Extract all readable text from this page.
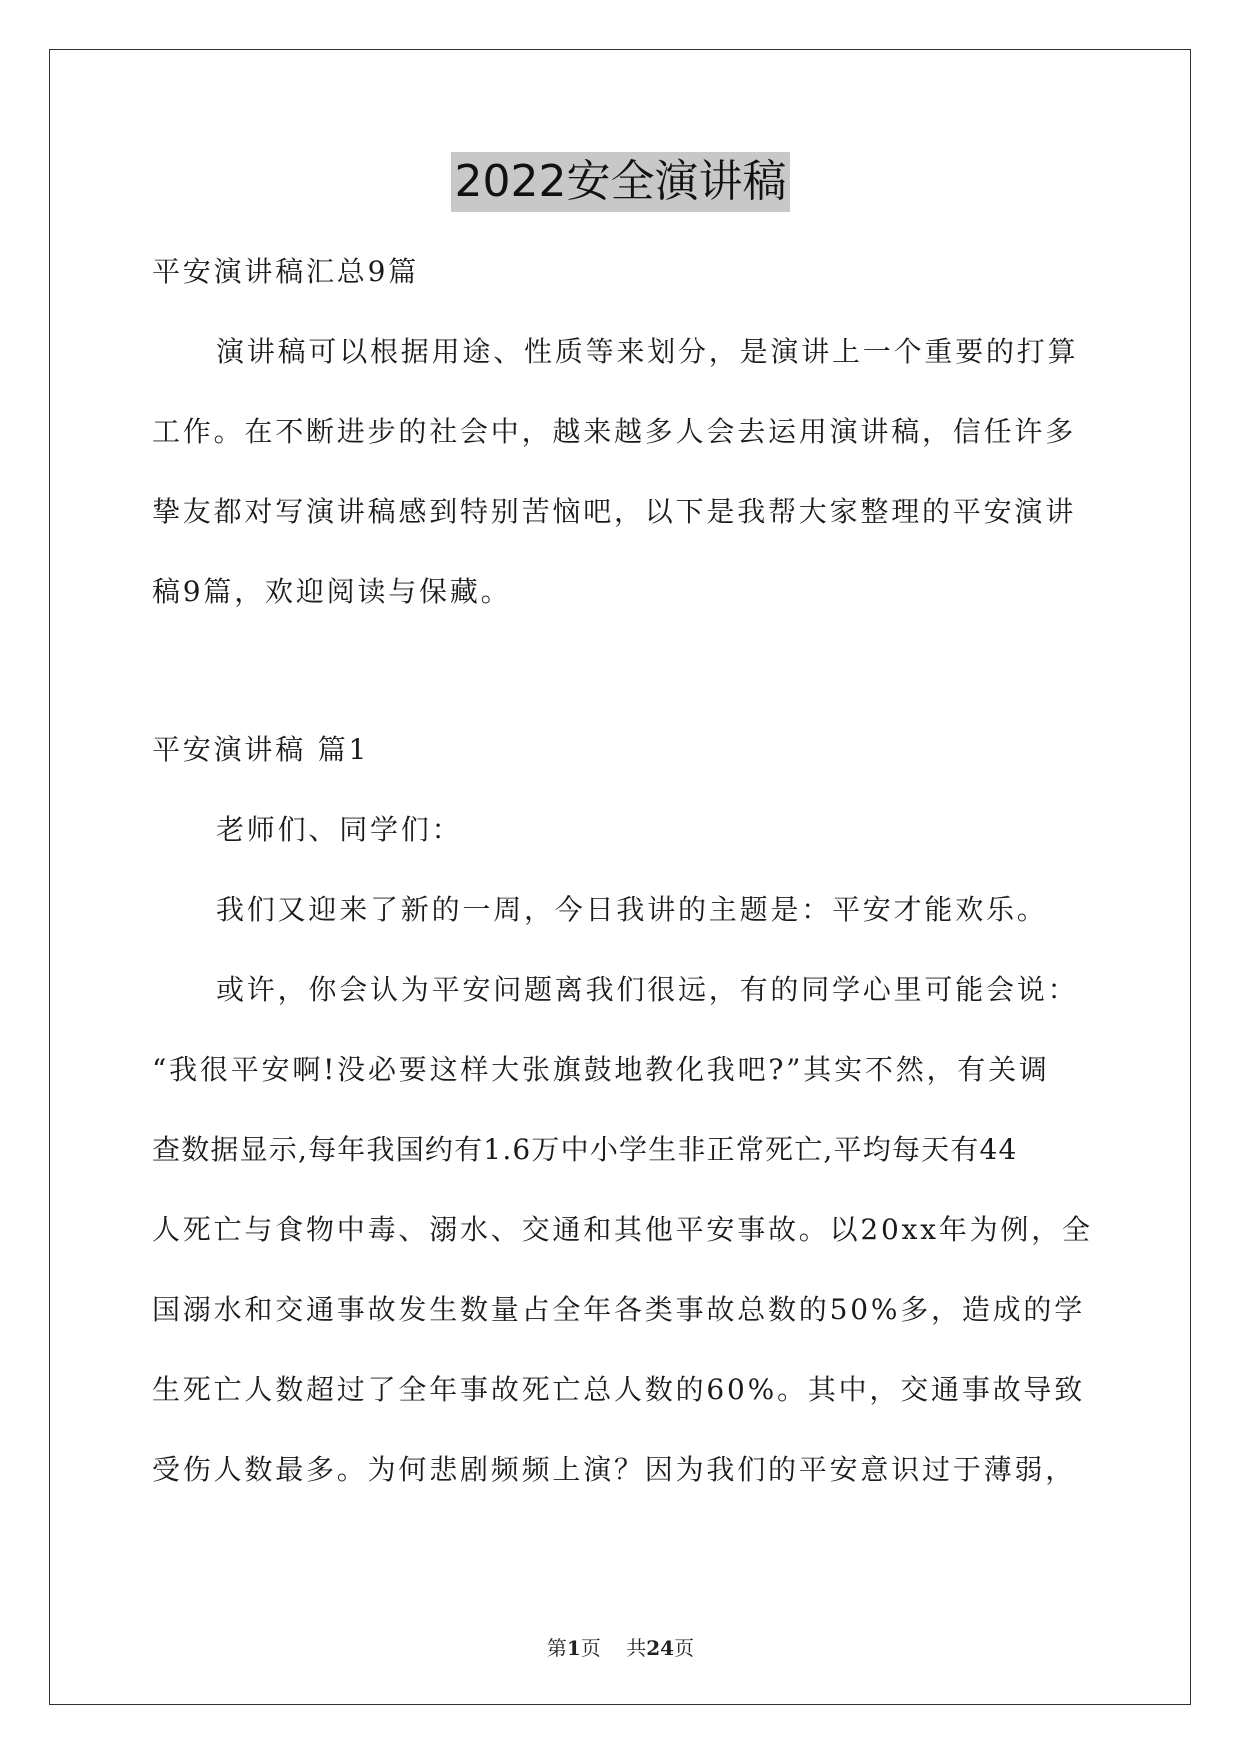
2022安全演讲稿
平安演讲稿汇总9篇
演讲稿可以根据用途、性质等来划分，是演讲上一个重要的打算
工作。在不断进步的社会中，越来越多人会去运用演讲稿，信任许多
挚友都对写演讲稿感到特别苦恼吧，以下是我帮大家整理的平安演讲
稿9篇，欢迎阅读与保藏。
平安演讲稿 篇1
老师们、同学们：
我们又迎来了新的一周，今日我讲的主题是：平安才能欢乐。
或许，你会认为平安问题离我们很远，有的同学心里可能会说：
“我很平安啊!没必要这样大张旗鼓地教化我吧?”其实不然，有关调
查数据显示,每年我国约有1.6万中小学生非正常死亡,平均每天有44
人死亡与食物中毒、溺水、交通和其他平安事故。以20xx年为例，全
国溺水和交通事故发生数量占全年各类事故总数的50%多，造成的学
生死亡人数超过了全年事故死亡总人数的60%。其中，交通事故导致
受伤人数最多。为何悲剧频频上演？因为我们的平安意识过于薄弱，
第1页    共24页
